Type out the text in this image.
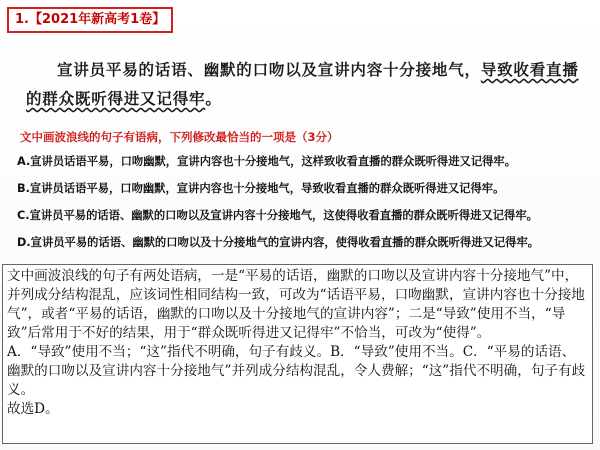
1.【2021年新高考1卷】
宣讲员平易的话语、幽默的口吻以及宣讲内容十分接地气，导致收看直播的群众既听得进又记得牢。
文中画波浪线的句子有语病，下列修改最恰当的一项是（3分）
A.宣讲员话语平易，口吻幽默，宣讲内容也十分接地气，这样致收看直播的群众既听得进又记得牢。
B.宣讲员话语平易，口吻幽默，宣讲内容也十分接地气，导致收看直播的群众既听得进又记得牢。
C.宣讲员平易的话语、幽默的口吻以及宣讲内容十分接地气，这使得收看直播的群众既听得进又记得牢。
D.宣讲员平易的话语、幽默的口吻以及十分接地气的宣讲内容，使得收看直播的群众既听得进又记得牢。

文中画波浪线的句子有两处语病，一是“平易的话语，幽默的口吻以及宣讲内容十分接地气”中，并列成分结构混乱，应该词性相同结构一致，可改为“话语平易，口吻幽默，宣讲内容也十分接地气”，或者“平易的话语，幽默的口吻以及十分接地气的宣讲内容”；二是“导致”使用不当，“导致”后常用于不好的结果，用于“群众既听得进又记得牢”不恰当，可改为“使得”。

A．“导致”使用不当；“这”指代不明确，句子有歧义。B．“导致”使用不当。C．“平易的话语、幽默的口吻以及宣讲内容十分接地气”并列成分结构混乱，令人费解；“这”指代不明确，句子有歧义。

故选D。
